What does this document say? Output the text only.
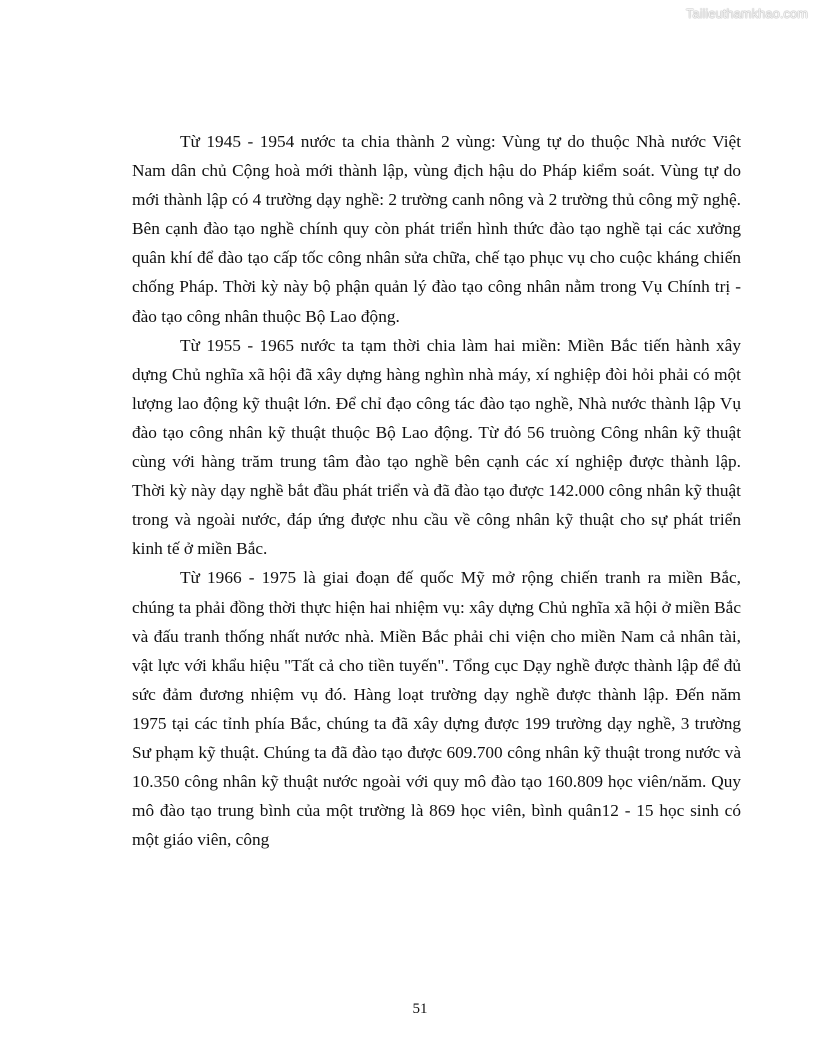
Tailieuthamkhao.com

Từ 1945 - 1954 nước ta chia thành 2 vùng: Vùng tự do thuộc Nhà nước Việt Nam dân chủ Cộng hoà mới thành lập, vùng địch hậu do Pháp kiểm soát. Vùng tự do mới thành lập có 4 trường dạy nghề: 2 trường canh nông và 2 trường thủ công mỹ nghệ. Bên cạnh đào tạo nghề chính quy còn phát triển hình thức đào tạo nghề tại các xưởng quân khí để đào tạo cấp tốc công nhân sửa chữa, chế tạo phục vụ cho cuộc kháng chiến chống Pháp. Thời kỳ này bộ phận quản lý đào tạo công nhân nằm trong Vụ Chính trị - đào tạo công nhân thuộc Bộ Lao động.

Từ 1955 - 1965 nước ta tạm thời chia làm hai miền: Miền Bắc tiến hành xây dựng Chủ nghĩa xã hội đã xây dựng hàng nghìn nhà máy, xí nghiệp đòi hỏi phải có một lượng lao động kỹ thuật lớn. Để chỉ đạo công tác đào tạo nghề, Nhà nước thành lập Vụ đào tạo công nhân kỹ thuật thuộc Bộ Lao động. Từ đó 56 truòng Công nhân kỹ thuật cùng với hàng trăm trung tâm đào tạo nghề bên cạnh các xí nghiệp được thành lập. Thời kỳ này dạy nghề bắt đầu phát triển và đã đào tạo được 142.000 công nhân kỹ thuật trong và ngoài nước, đáp ứng được nhu cầu về công nhân kỹ thuật cho sự phát triển kinh tế ở miền Bắc.

Từ 1966 - 1975 là giai đoạn đế quốc Mỹ mở rộng chiến tranh ra miền Bắc, chúng ta phải đồng thời thực hiện hai nhiệm vụ: xây dựng Chủ nghĩa xã hội ở miền Bắc và đấu tranh thống nhất nước nhà. Miền Bắc phải chi viện cho miền Nam cả nhân tài, vật lực với khẩu hiệu "Tất cả cho tiền tuyến". Tổng cục Dạy nghề được thành lập để đủ sức đảm đương nhiệm vụ đó. Hàng loạt trường dạy nghề được thành lập. Đến năm 1975 tại các tỉnh phía Bắc, chúng ta đã xây dựng được 199 trường dạy nghề, 3 trường Sư phạm kỹ thuật. Chúng ta đã đào tạo được 609.700 công nhân kỹ thuật trong nước và 10.350 công nhân kỹ thuật nước ngoài với quy mô đào tạo 160.809 học viên/năm. Quy mô đào tạo trung bình của một trường là 869 học viên, bình quân12 - 15 học sinh có một giáo viên, công

51
